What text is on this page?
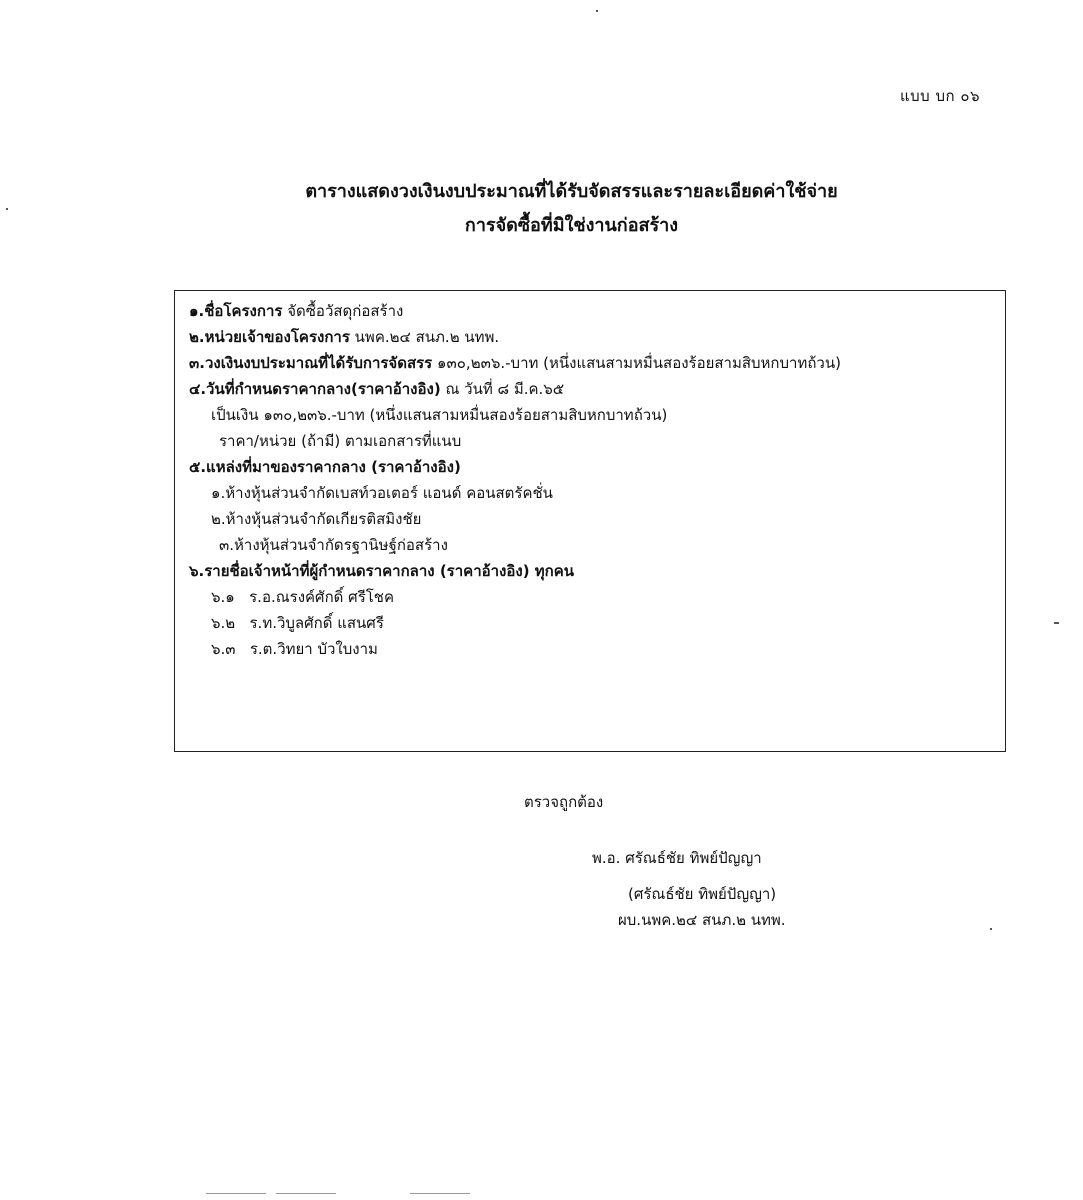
แบบ บก ๐๖
ตารางแสดงวงเงินงบประมาณที่ได้รับจัดสรรและรายละเอียดค่าใช้จ่าย
การจัดซื้อที่มิใช่งานก่อสร้าง
๑.ชื่อโครงการ จัดซื้อวัสดุก่อสร้าง
๒.หน่วยเจ้าของโครงการ นพค.๒๔ สนภ.๒ นทพ.
๓.วงเงินงบประมาณที่ได้รับการจัดสรร ๑๓๐,๒๓๖.-บาท (หนึ่งแสนสามหมื่นสองร้อยสามสิบหกบาทถ้วน)
๔.วันที่กำหนดราคากลาง(ราคาอ้างอิง) ณ วันที่ ๘ มี.ค.๖๕
เป็นเงิน ๑๓๐,๒๓๖.-บาท (หนึ่งแสนสามหมื่นสองร้อยสามสิบหกบาทถ้วน)
ราคา/หน่วย (ถ้ามี) ตามเอกสารที่แนบ
๕.แหล่งที่มาของราคากลาง (ราคาอ้างอิง)
๑.ห้างหุ้นส่วนจำกัดเบสท์วอเตอร์ แอนด์ คอนสตรัคชั่น
๒.ห้างหุ้นส่วนจำกัดเกียรติสมิงชัย
๓.ห้างหุ้นส่วนจำกัดรฐานิษฐ์ก่อสร้าง
๖.รายชื่อเจ้าหน้าที่ผู้กำหนดราคากลาง (ราคาอ้างอิง) ทุกคน
๖.๑ ร.อ.ณรงค์ศักดิ์ ศรีโชค
๖.๒ ร.ท.วิบูลศักดิ์ แสนศรี
๖.๓ ร.ต.วิทยา บัวใบงาม
ตรวจถูกต้อง
พ.อ. ศรัณธ์ชัย ทิพย์ปัญญา
(ศรัณธ์ชัย ทิพย์ปัญญา)
ผบ.นพค.๒๔ สนภ.๒ นทพ.
